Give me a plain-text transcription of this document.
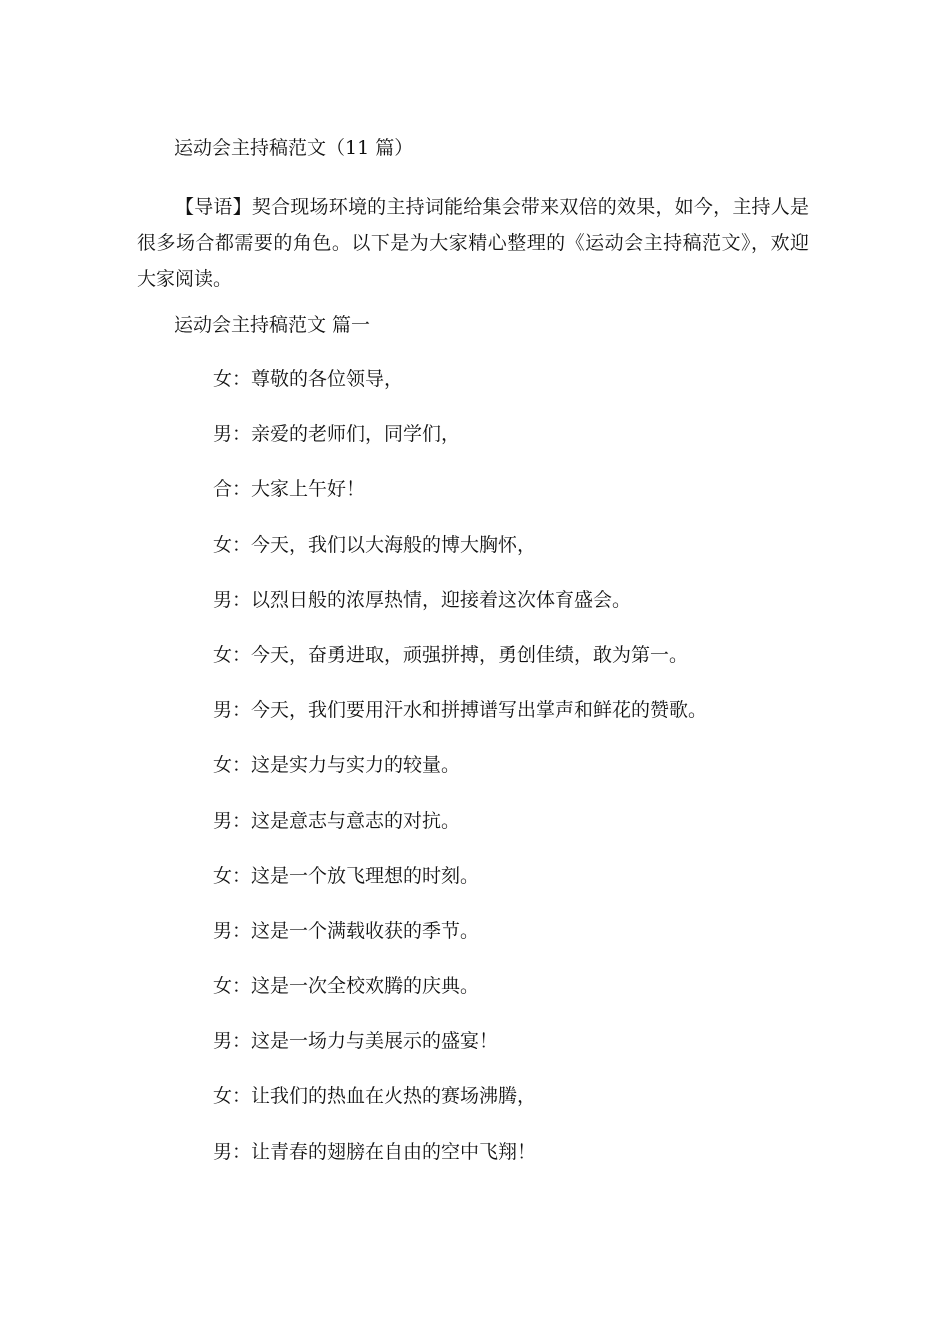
运动会主持稿范文（11 篇）

【导语】契合现场环境的主持词能给集会带来双倍的效果，如今，主持人是很多场合都需要的角色。以下是为大家精心整理的《运动会主持稿范文》，欢迎大家阅读。

运动会主持稿范文 篇一
女：尊敬的各位领导，
男：亲爱的老师们，同学们，
合：大家上午好！
女：今天，我们以大海般的博大胸怀，
男：以烈日般的浓厚热情，迎接着这次体育盛会。
女：今天，奋勇进取，顽强拼搏，勇创佳绩，敢为第一。
男：今天，我们要用汗水和拼搏谱写出掌声和鲜花的赞歌。
女：这是实力与实力的较量。
男：这是意志与意志的对抗。
女：这是一个放飞理想的时刻。
男：这是一个满载收获的季节。
女：这是一次全校欢腾的庆典。
男：这是一场力与美展示的盛宴！
女：让我们的热血在火热的赛场沸腾，
男：让青春的翅膀在自由的空中飞翔！
